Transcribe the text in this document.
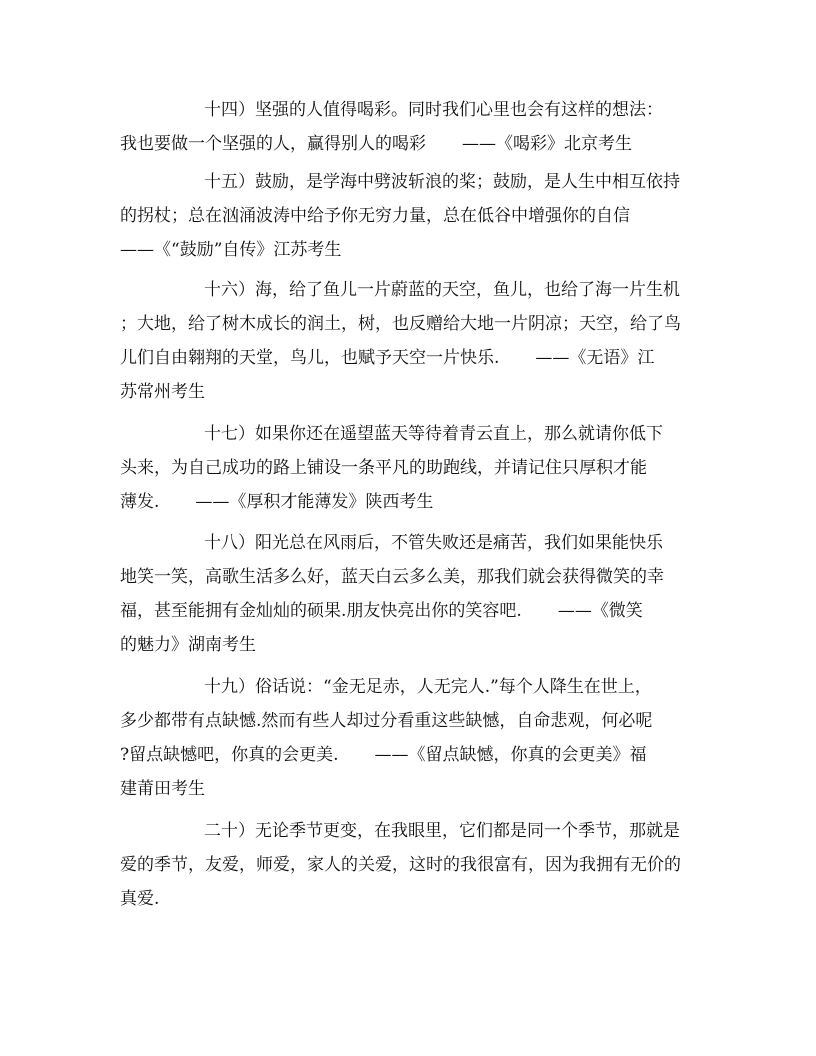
十四）坚强的人值得喝彩。同时我们心里也会有这样的想法：
我也要做一个坚强的人，赢得别人的喝彩 ——《喝彩》北京考生
十五）鼓励，是学海中劈波斩浪的桨；鼓励，是人生中相互依持
的拐杖；总在汹涌波涛中给予你无穷力量，总在低谷中增强你的自信
——《“鼓励”自传》江苏考生
十六）海，给了鱼儿一片蔚蓝的天空，鱼儿，也给了海一片生机
；大地，给了树木成长的润土，树，也反赠给大地一片阴凉；天空，给了鸟
儿们自由翱翔的天堂，鸟儿，也赋予天空一片快乐. ——《无语》江
苏常州考生
十七）如果你还在遥望蓝天等待着青云直上，那么就请你低下
头来，为自己成功的路上铺设一条平凡的助跑线，并请记住只厚积才能
薄发. ——《厚积才能薄发》陕西考生
十八）阳光总在风雨后，不管失败还是痛苦，我们如果能快乐
地笑一笑，高歌生活多么好，蓝天白云多么美，那我们就会获得微笑的幸
福，甚至能拥有金灿灿的硕果.朋友快亮出你的笑容吧. ——《微笑
的魅力》湖南考生
十九）俗话说：“金无足赤，人无完人.”每个人降生在世上，
多少都带有点缺憾.然而有些人却过分看重这些缺憾，自命悲观，何必呢
?留点缺憾吧，你真的会更美. ——《留点缺憾，你真的会更美》福
建莆田考生
二十）无论季节更变，在我眼里，它们都是同一个季节，那就是
爱的季节，友爱，师爱，家人的关爱，这时的我很富有，因为我拥有无价的
真爱.
